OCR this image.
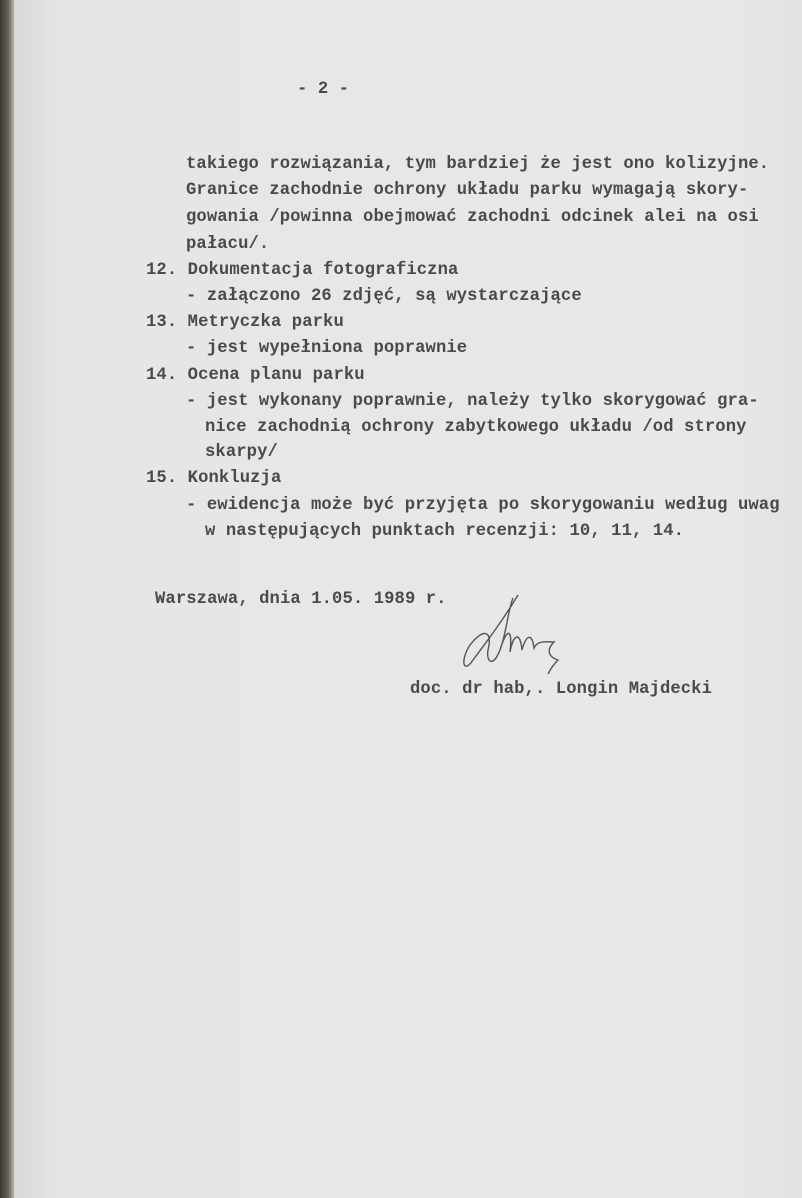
- 2 -
takiego rozwiązania, tym bardziej że jest ono kolizyjne.
Granice zachodnie ochrony układu parku wymagają skory-
gowania /powinna obejmować zachodni odcinek alei na osi
pałacu/.
12. Dokumentacja fotograficzna
- załączono 26 zdjęć, są wystarczające
13. Metryczka parku
- jest wypełniona poprawnie
14. Ocena planu parku
- jest wykonany poprawnie, należy tylko skorygować gra-
nice zachodnią ochrony zabytkowego układu /od strony
skarpy/
15. Konkluzja
- ewidencja może być przyjęta po skorygowaniu według uwag
w następujących punktach recenzji: 10, 11, 14.
Warszawa, dnia 1.05. 1989 r.
doc. dr hab,. Longin Majdecki
